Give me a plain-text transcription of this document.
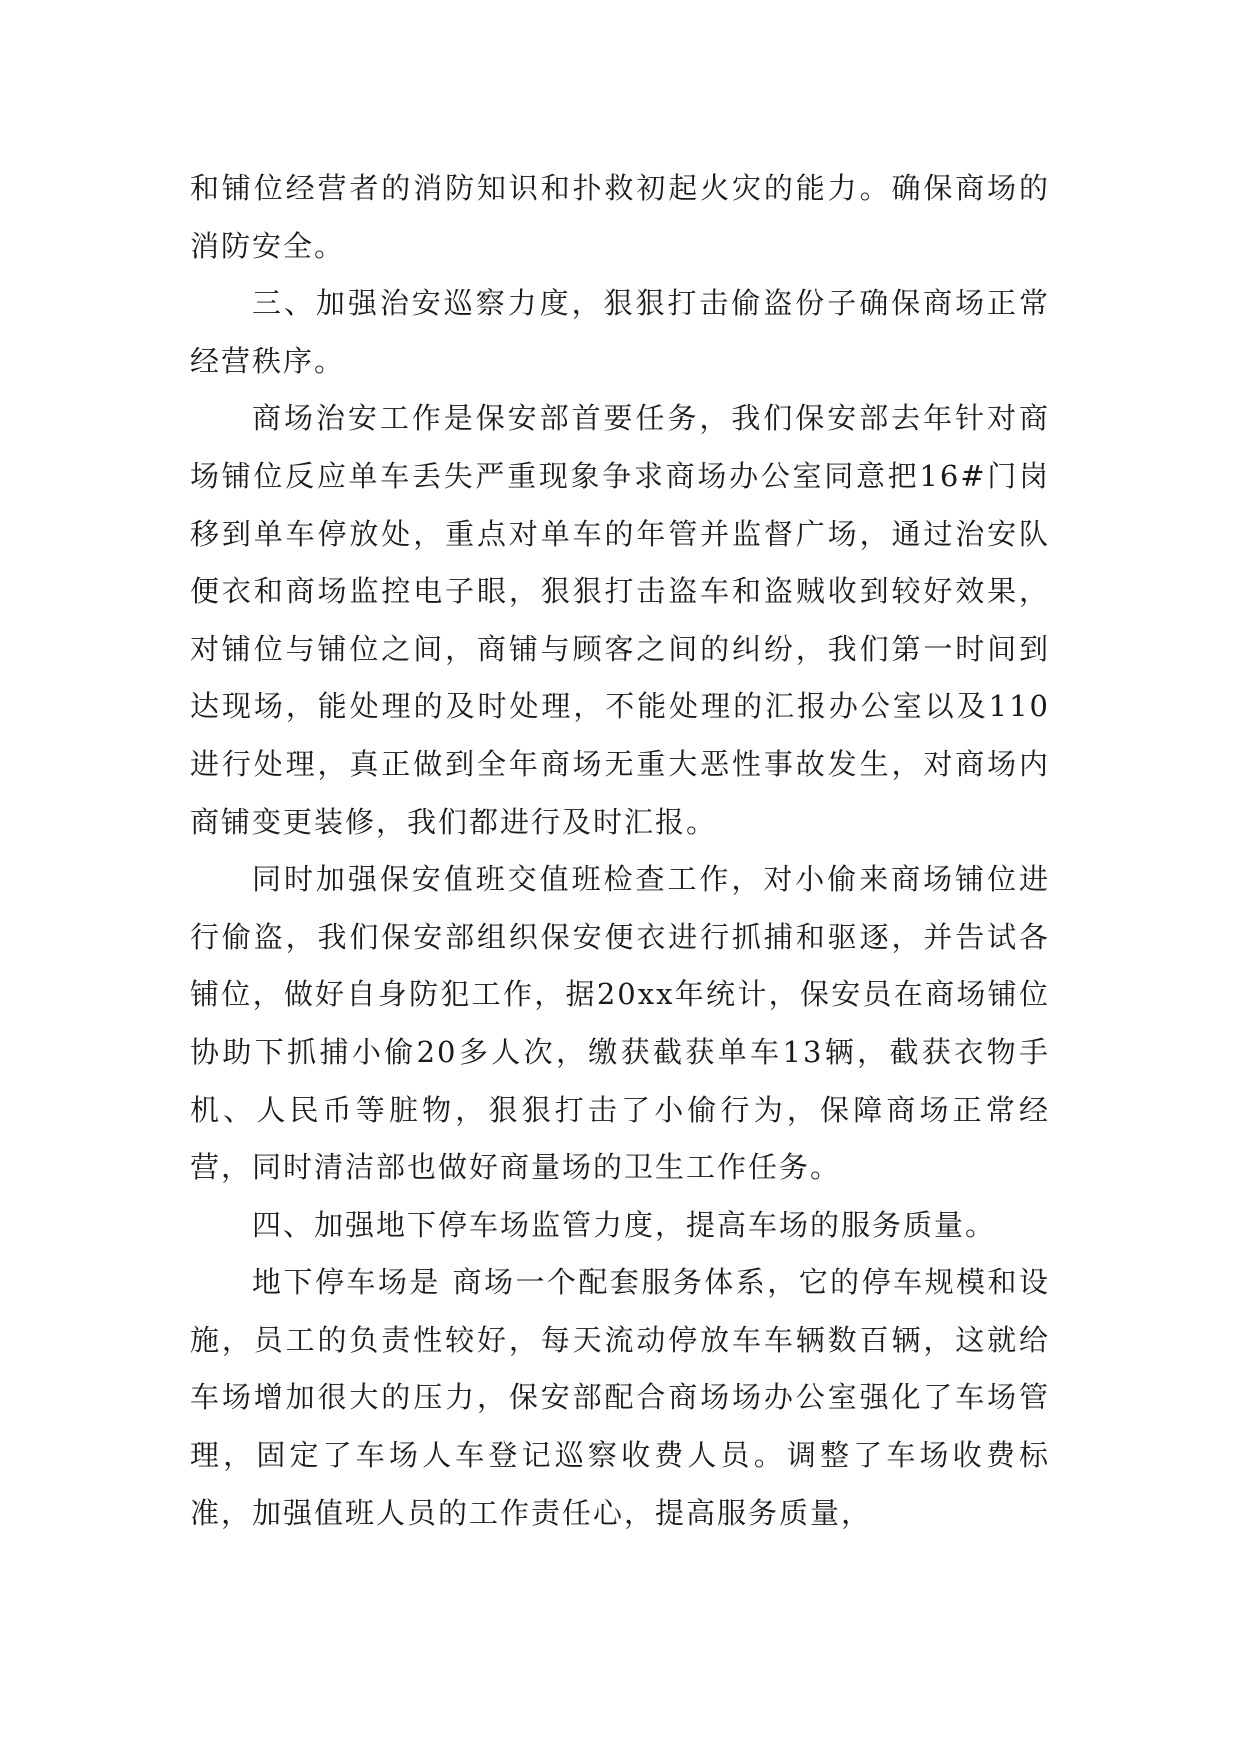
和铺位经营者的消防知识和扑救初起火灾的能力。确保商场的消防安全。

三、加强治安巡察力度，狠狠打击偷盗份子确保商场正常经营秩序。

商场治安工作是保安部首要任务，我们保安部去年针对商场铺位反应单车丢失严重现象争求商场办公室同意把16#门岗移到单车停放处，重点对单车的年管并监督广场，通过治安队便衣和商场监控电子眼，狠狠打击盗车和盗贼收到较好效果，对铺位与铺位之间，商铺与顾客之间的纠纷，我们第一时间到达现场，能处理的及时处理，不能处理的汇报办公室以及110进行处理，真正做到全年商场无重大恶性事故发生，对商场内商铺变更装修，我们都进行及时汇报。

同时加强保安值班交值班检查工作，对小偷来商场铺位进行偷盗，我们保安部组织保安便衣进行抓捕和驱逐，并告试各铺位，做好自身防犯工作，据20xx年统计，保安员在商场铺位协助下抓捕小偷20多人次，缴获截获单车13辆，截获衣物手机、人民币等脏物，狠狠打击了小偷行为，保障商场正常经营，同时清洁部也做好商量场的卫生工作任务。

四、加强地下停车场监管力度，提高车场的服务质量。

地下停车场是 商场一个配套服务体系，它的停车规模和设施，员工的负责性较好，每天流动停放车车辆数百辆，这就给车场增加很大的压力，保安部配合商场场办公室强化了车场管理，固定了车场人车登记巡察收费人员。调整了车场收费标准，加强值班人员的工作责任心，提高服务质量，
